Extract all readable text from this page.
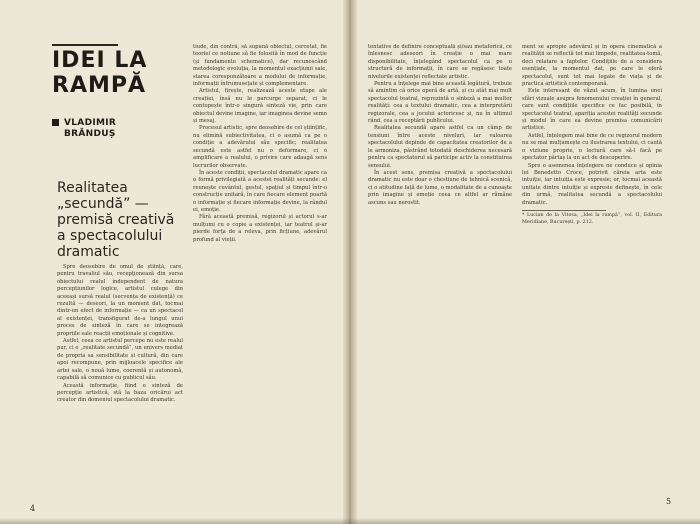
IDEI LA
RAMPĂ
VLADIMIR
BRĂNDUȘ
Realitatea
„secundă” —
premisă creativă
a spectacolului
dramatic

Spre deosebire de omul de știință, care, pentru travaliul său, recepționează din sursa obiectului realul independent de natura percepțiunilor logice, artistul culege din aceeași sursă realul (secvența de existență) ce rezultă — deseori, la un moment dat, tocmai dintr-un efect de informație — ca un spectacol al existenței, transfigurat de-a lungul unui proces de sinteză în care se integrează propriile sale reacții emoționale și cognitive.

Astfel, ceea ce artistul percepe nu este realul pur, ci o „realitate secundă”, un univers mediat de propria sa sensibilitate și cultură, din care apoi recompune, prin mijloacele specifice ale artei sale, o nouă lume, coerentă și autonomă, capabilă să comunice cu publicul său.

Această informație, fiind o sinteză de percepție artistică, stă la baza oricărui act creator din domeniul spectacolului dramatic.

tiude, din contră, să supună obiectul, cercetat, fie teoriei ce notiune să fie folosită în mod de funcție (și fundamente schematice), dar recunoscând metodologic evoluția, la momentul exacțiunii sale, starea corespunzătoare a modului de informație, informații înfrumusețate și complementare.

Artistul, firește, realizează aceste etape ale creației, însă nu le parcurge separat, ci le contopește într-o singură sinteză vie, prin care obiectul devine imagine, iar imaginea devine semn și mesaj.

Procesul artistic, spre deosebire de cel științific, nu elimină subiectivitatea, ci o asumă ca pe o condiție a adevărului său specific; realitatea secundă este astfel nu o deformare, ci o amplificare a realului, o privire care adaugă sens lucrurilor observate.

În aceste condiții, spectacolul dramatic apare ca o formă privilegiată a acestei realități secunde: el reunește cuvântul, gestul, spațiul și timpul într-o construcție unitară, în care fiecare element poartă o informație și fiecare informație devine, la rândul ei, emoție.

Fără această premisă, regizorul și actorul s-ar mulțumi cu o copie a existenței, iar teatrul și-ar pierde forța de a releva, prin ficțiune, adevărul profund al vieții.

4

tentative de definire conceptuală și/sau metaforică, ce înlesnesc adeseori în creație o mai mare disponibilitate, înțelegând spectacolul ca pe o structură de informații, în care se regăsesc toate nivelurile existenței reflectate artistic.

Pentru a înțelege mai bine această legătură, trebuie să amintim că orice operă de artă, și cu atât mai mult spectacolul teatral, reprezintă o sinteză a mai multor realități: cea a textului dramatic, cea a interpretării regizorale, cea a jocului actoricesc și, nu în ultimul rând, cea a receptării publicului.

Realitatea secundă apare astfel ca un câmp de tensiuni între aceste niveluri, iar valoarea spectacolului depinde de capacitatea creatorilor de a le armoniza, păstrând totodată deschiderea necesară pentru ca spectatorul să participe activ la constituirea sensului.

În acest sens, premisa creativă a spectacolului dramatic nu este doar o chestiune de tehnică scenică, ci o atitudine față de lume, o modalitate de a cunoaște prin imagine și emoție ceea ce altfel ar rămâne ascuns sau nerostit.

ment se apropie adevărul și în opera cinematică a realității se reflectă tot mai limpede, realitatea-tomă, deci relatare a faptelor. Condițiile de a considera esențiale, la momentul dat, pe care le oferă spectacolul, sunt tot mai legate de viața și de practica artistică contemporană.

Este interesant de văzut acum, în lumina unei stări vizuale asupra fenomenului creației în general, care sunt condițiile specifice ce fac posibilă, în spectacolul teatral, apariția acestei realități secunde și modul în care ea devine premisa comunicării artistice.

Astfel, înțelegem mai bine de ce regizorul modern nu se mai mulțumește cu ilustrarea textului, ci caută o viziune proprie, o lectură care să-l facă pe spectator părtaș la un act de descoperire.

Spre o asemenea înțelegere ne conduce și opinia lui Benedetto Croce, potrivit căreia arta este intuiție, iar intuiția este expresie; or, tocmai această unitate dintre intuiție și expresie definește, în cele din urmă, realitatea secundă a spectacolului dramatic.

* Lucian de la Vitosa, „Idei la rampă”, vol. II, Editura Meridiane, București, p. 212.
5
